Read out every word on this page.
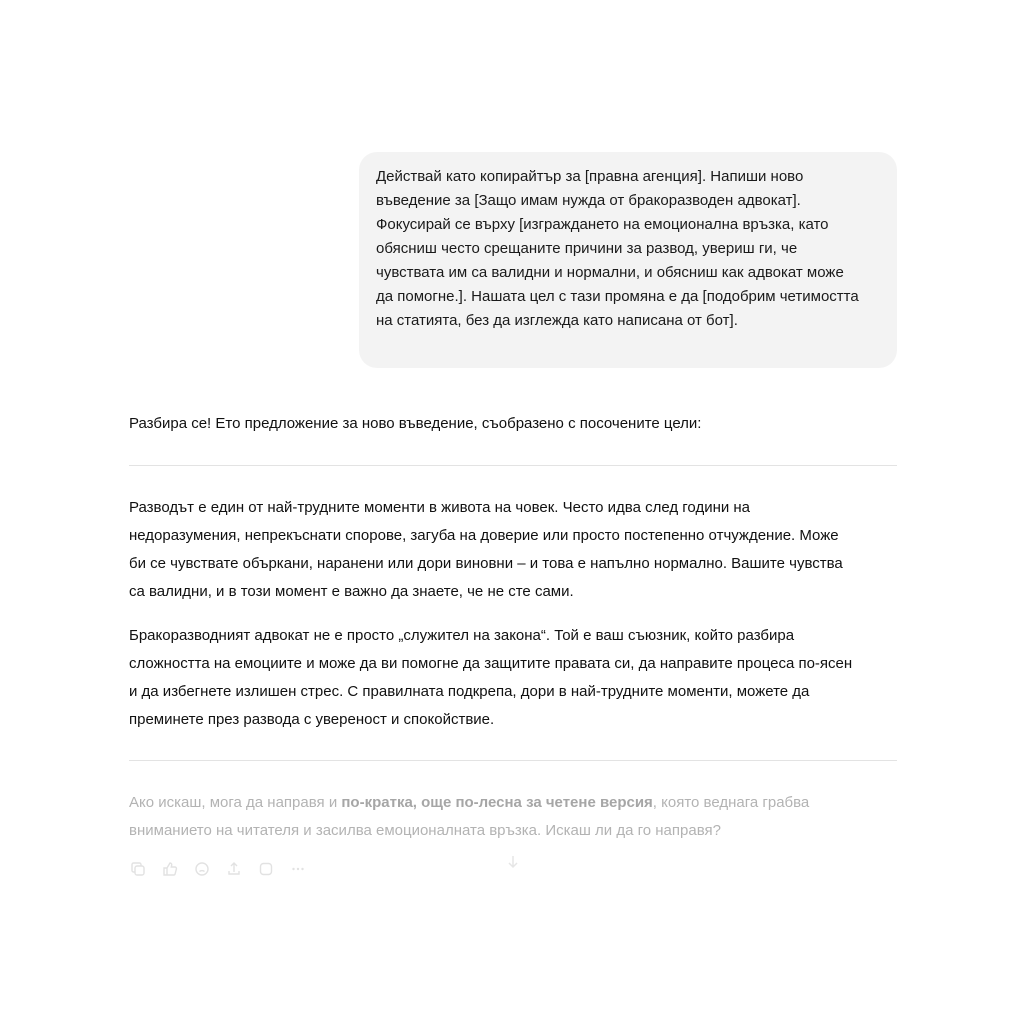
Действай като копирайтър за [правна агенция]. Напиши ново

въведение за [Защо имам нужда от бракоразводен адвокат].

Фокусирай се върху [изграждането на емоционална връзка, като

обясниш често срещаните причини за развод, увериш ги, че

чувствата им са валидни и нормални, и обясниш как адвокат може

да помогне.]. Нашата цел с тази промяна е да [подобрим четимостта

на статията, без да изглежда като написана от бот].

Разбира се! Ето предложение за ново въведение, съобразено с посочените цели:

Разводът е един от най-трудните моменти в живота на човек. Често идва след години на

недоразумения, непрекъснати спорове, загуба на доверие или просто постепенно отчуждение. Може

би се чувствате объркани, наранени или дори виновни – и това е напълно нормално. Вашите чувства

са валидни, и в този момент е важно да знаете, че не сте сами.

Бракоразводният адвокат не е просто „служител на закона“. Той е ваш съюзник, който разбира

сложността на емоциите и може да ви помогне да защитите правата си, да направите процеса по-ясен

и да избегнете излишен стрес. С правилната подкрепа, дори в най-трудните моменти, можете да

преминете през развода с увереност и спокойствие.

Ако искаш, мога да направя и по-кратка, още по-лесна за четене версия, която веднага грабва

вниманието на читателя и засилва емоционалната връзка. Искаш ли да го направя?
